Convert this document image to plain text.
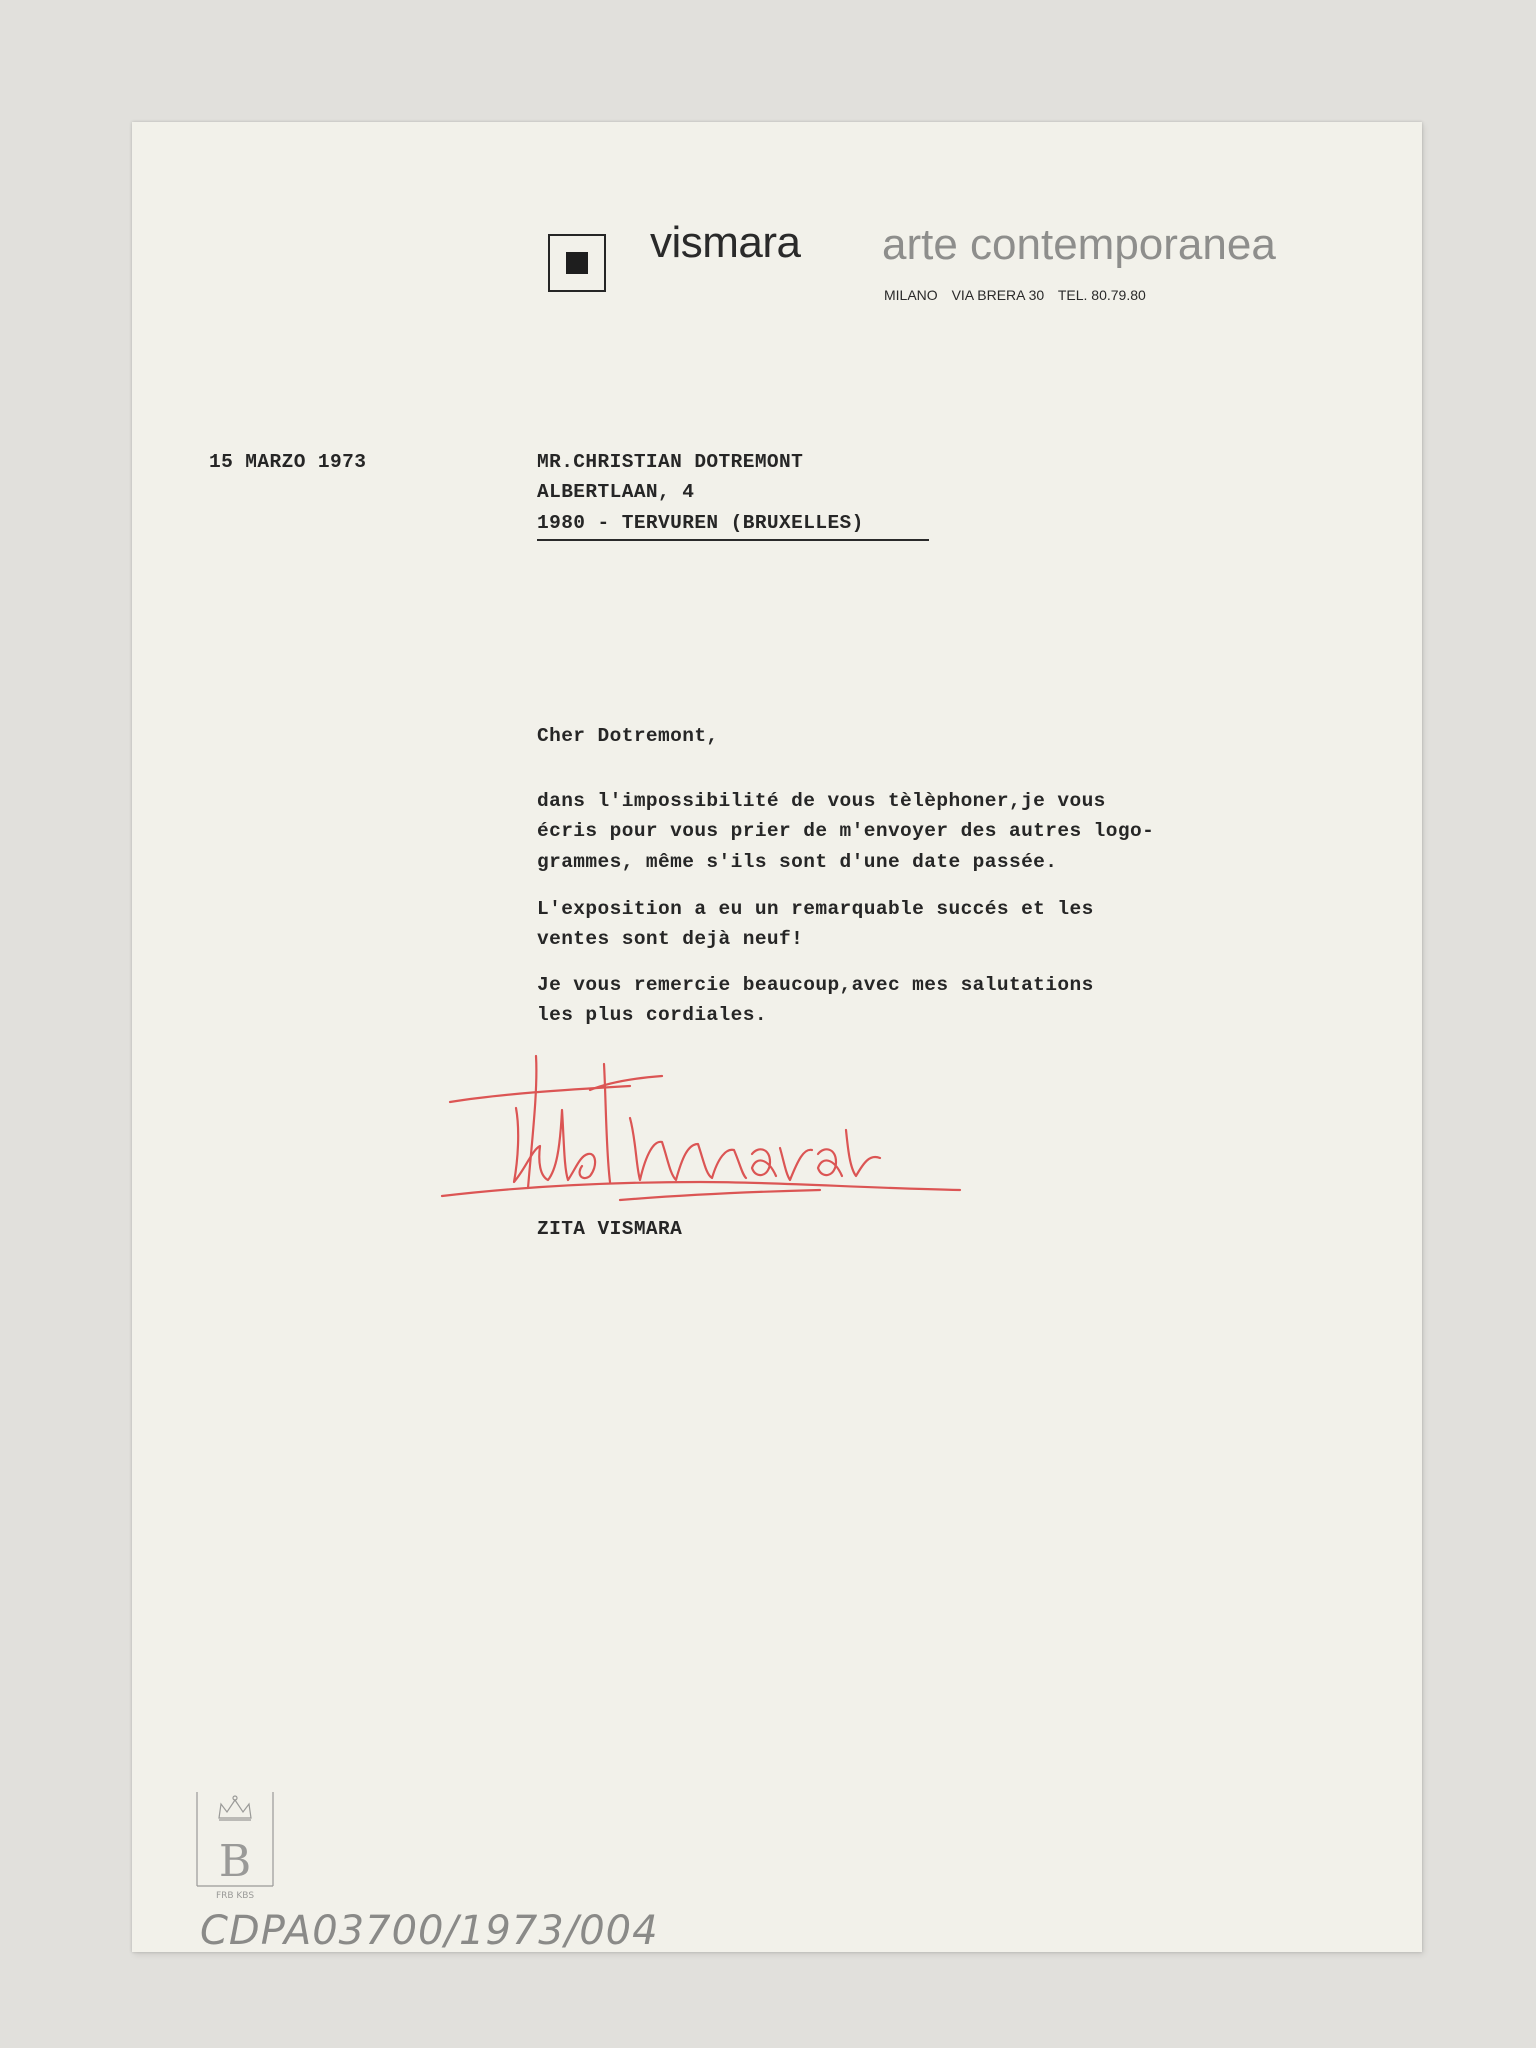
vismara arte contemporanea
MILANO VIA BRERA 30 TEL. 80.79.80
15 MARZO 1973	MR.CHRISTIAN DOTREMONT
ALBERTLAAN, 4
1980 - TERVUREN (BRUXELLES)
Cher Dotremont,
dans l'impossibilité de vous tèlèphoner,je vous
écris pour vous prier de m'envoyer des autres logo-
grammes, même s'ils sont d'une date passée.
L'exposition a eu un remarquable succés et les
ventes sont dejà neuf!
Je vous remercie beaucoup,avec mes salutations
les plus cordiales.
ZITA VISMARA
B
FRB KBS
CDPA03700/1973/004
